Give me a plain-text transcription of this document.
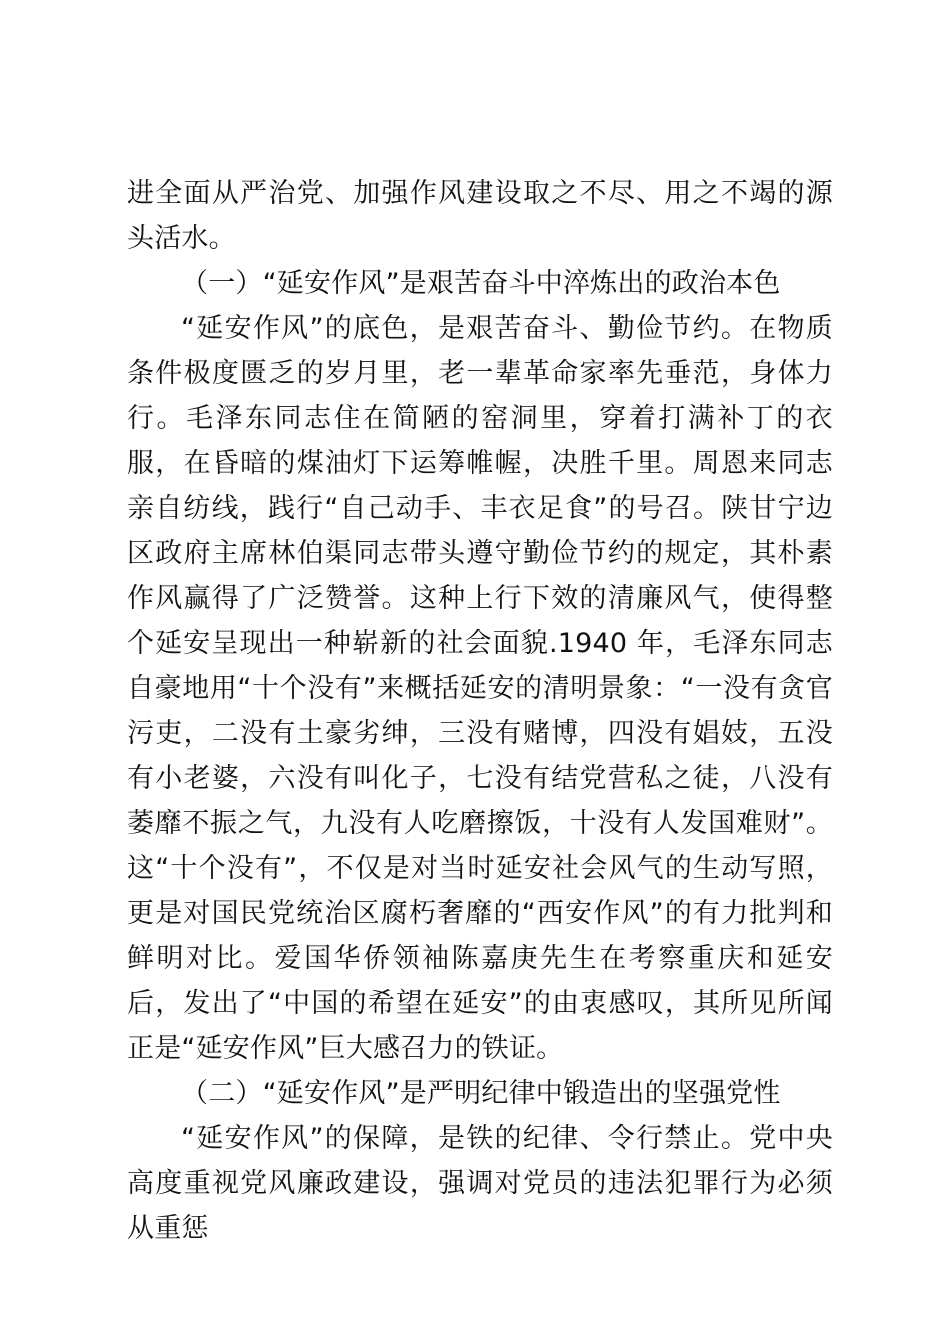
进全面从严治党、加强作风建设取之不尽、用之不竭的源头活水。

（一）“延安作风”是艰苦奋斗中淬炼出的政治本色

“延安作风”的底色，是艰苦奋斗、勤俭节约。在物质条件极度匮乏的岁月里，老一辈革命家率先垂范，身体力行。毛泽东同志住在简陋的窑洞里，穿着打满补丁的衣服，在昏暗的煤油灯下运筹帷幄，决胜千里。周恩来同志亲自纺线，践行“自己动手、丰衣足食”的号召。陕甘宁边区政府主席林伯渠同志带头遵守勤俭节约的规定，其朴素作风赢得了广泛赞誉。这种上行下效的清廉风气，使得整个延安呈现出一种崭新的社会面貌.1940 年，毛泽东同志自豪地用“十个没有”来概括延安的清明景象：“一没有贪官污吏，二没有土豪劣绅，三没有赌博，四没有娼妓，五没有小老婆，六没有叫化子，七没有结党营私之徒，八没有萎靡不振之气，九没有人吃磨擦饭，十没有人发国难财”。这“十个没有”，不仅是对当时延安社会风气的生动写照，更是对国民党统治区腐朽奢靡的“西安作风”的有力批判和鲜明对比。爱国华侨领袖陈嘉庚先生在考察重庆和延安后，发出了“中国的希望在延安”的由衷感叹，其所见所闻正是“延安作风”巨大感召力的铁证。

（二）“延安作风”是严明纪律中锻造出的坚强党性

“延安作风”的保障，是铁的纪律、令行禁止。党中央高度重视党风廉政建设，强调对党员的违法犯罪行为必须从重惩
